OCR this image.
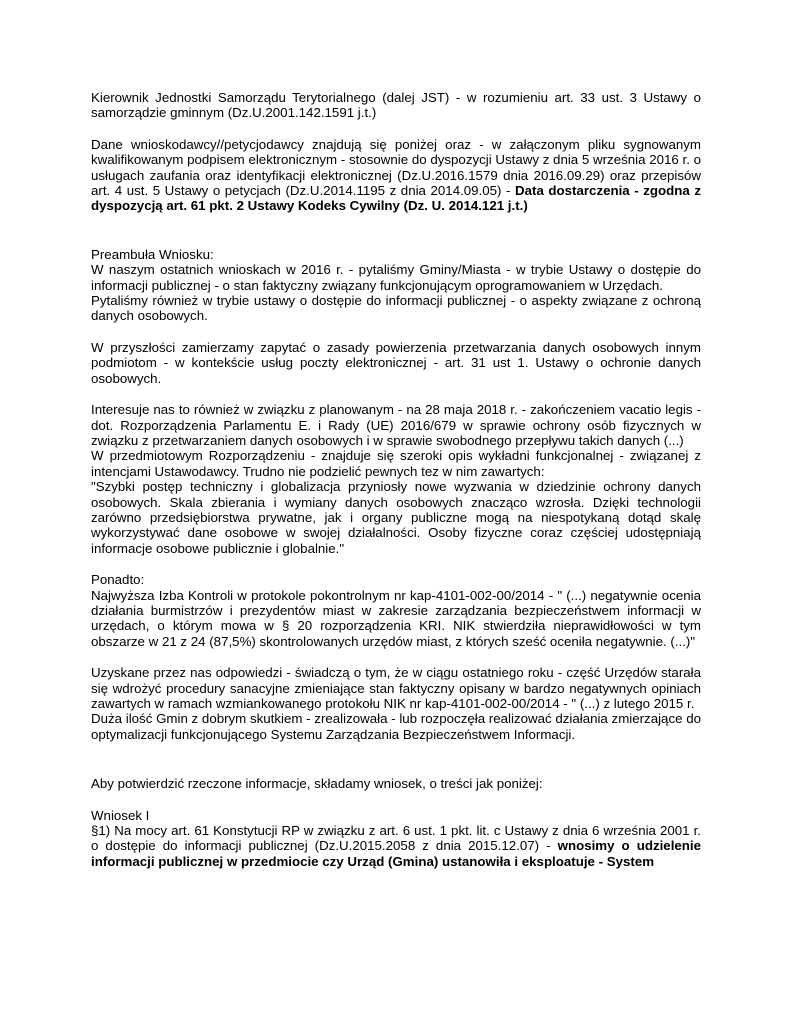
Kierownik Jednostki Samorządu Terytorialnego (dalej JST) - w rozumieniu art. 33 ust. 3 Ustawy o samorządzie gminnym (Dz.U.2001.142.1591 j.t.)

Dane wnioskodawcy//petycjodawcy znajdują się poniżej oraz - w załączonym pliku sygnowanym kwalifikowanym podpisem elektronicznym - stosownie do dyspozycji Ustawy z dnia 5 września 2016 r. o usługach zaufania oraz identyfikacji elektronicznej (Dz.U.2016.1579 dnia 2016.09.29) oraz przepisów art. 4 ust. 5 Ustawy o petycjach (Dz.U.2014.1195 z dnia 2014.09.05) - Data dostarczenia - zgodna z dyspozycją art. 61 pkt. 2 Ustawy Kodeks Cywilny (Dz. U. 2014.121 j.t.)

Preambuła Wniosku:

W naszym ostatnich wnioskach w 2016 r. - pytaliśmy Gminy/Miasta - w trybie Ustawy o dostępie do informacji publicznej - o stan faktyczny związany funkcjonującym oprogramowaniem w Urzędach.

Pytaliśmy również w trybie ustawy o dostępie do informacji publicznej - o aspekty związane z ochroną danych osobowych.

W przyszłości zamierzamy zapytać o zasady powierzenia przetwarzania danych osobowych innym podmiotom - w kontekście usług poczty elektronicznej - art. 31 ust 1. Ustawy o ochronie danych osobowych.

Interesuje nas to również w związku z planowanym - na 28 maja 2018 r. - zakończeniem vacatio legis - dot. Rozporządzenia Parlamentu E. i Rady (UE) 2016/679 w sprawie ochrony osób fizycznych w związku z przetwarzaniem danych osobowych i w sprawie swobodnego przepływu takich danych (...)

W przedmiotowym Rozporządzeniu - znajduje się szeroki opis wykładni funkcjonalnej - związanej z intencjami Ustawodawcy. Trudno nie podzielić pewnych tez w nim zawartych:

"Szybki postęp techniczny i globalizacja przyniosły nowe wyzwania w dziedzinie ochrony danych osobowych. Skala zbierania i wymiany danych osobowych znacząco wzrosła. Dzięki technologii zarówno przedsiębiorstwa prywatne, jak i organy publiczne mogą na niespotykaną dotąd skalę wykorzystywać dane osobowe w swojej działalności. Osoby fizyczne coraz częściej udostępniają informacje osobowe publicznie i globalnie."

Ponadto:

Najwyższa Izba Kontroli w protokole pokontrolnym nr kap-4101-002-00/2014 - " (...) negatywnie ocenia działania burmistrzów i prezydentów miast w zakresie zarządzania bezpieczeństwem informacji w urzędach, o którym mowa w § 20 rozporządzenia KRI. NIK stwierdziła nieprawidłowości w tym obszarze w 21 z 24 (87,5%) skontrolowanych urzędów miast, z których sześć oceniła negatywnie. (...)"

Uzyskane przez nas odpowiedzi - świadczą o tym, że w ciągu ostatniego roku - część Urzędów starała się wdrożyć procedury sanacyjne zmieniające stan faktyczny opisany w bardzo negatywnych opiniach zawartych w ramach wzmiankowanego protokołu NIK nr kap-4101-002-00/2014 - " (...) z lutego 2015 r.

Duża ilość Gmin z dobrym skutkiem - zrealizowała - lub rozpoczęła realizować działania zmierzające do optymalizacji funkcjonującego Systemu Zarządzania Bezpieczeństwem Informacji.

Aby potwierdzić rzeczone informacje, składamy wniosek, o treści jak poniżej:

Wniosek I

§1) Na mocy art. 61 Konstytucji RP w związku z art. 6 ust. 1 pkt. lit. c Ustawy z dnia 6 września 2001 r. o dostępie do informacji publicznej (Dz.U.2015.2058 z dnia 2015.12.07) - wnosimy o udzielenie informacji publicznej w przedmiocie czy Urząd (Gmina) ustanowiła i eksploatuje - System
